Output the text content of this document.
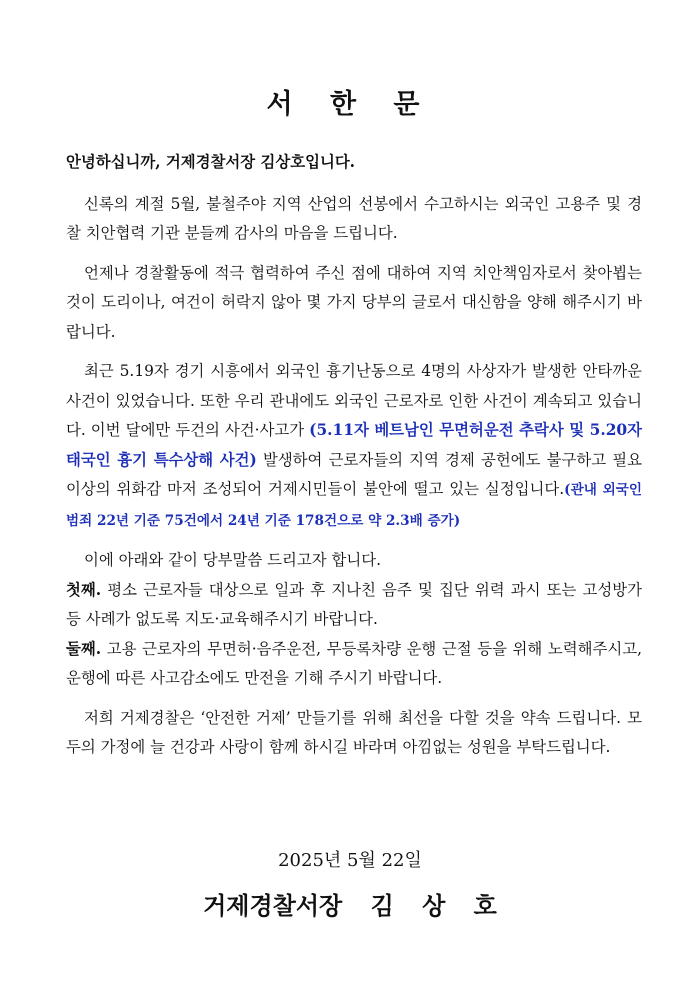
서 한 문

안녕하십니까, 거제경찰서장 김상호입니다.

신록의 계절 5월, 불철주야 지역 산업의 선봉에서 수고하시는 외국인 고용주 및 경찰 치안협력 기관 분들께 감사의 마음을 드립니다.

언제나 경찰활동에 적극 협력하여 주신 점에 대하여 지역 치안책임자로서 찾아뵙는 것이 도리이나, 여건이 허락지 않아 몇 가지 당부의 글로서 대신함을 양해 해주시기 바랍니다.

최근 5.19자 경기 시흥에서 외국인 흉기난동으로 4명의 사상자가 발생한 안타까운 사건이 있었습니다. 또한 우리 관내에도 외국인 근로자로 인한 사건이 계속되고 있습니다. 이번 달에만 두건의 사건·사고가 (5.11자 베트남인 무면허운전 추락사 및 5.20자 태국인 흉기 특수상해 사건) 발생하여 근로자들의 지역 경제 공헌에도 불구하고 필요 이상의 위화감 마저 조성되어 거제시민들이 불안에 떨고 있는 실정입니다.(관내 외국인 범죄 22년 기준 75건에서 24년 기준 178건으로 약 2.3배 증가)

이에 아래와 같이 당부말씀 드리고자 합니다.

첫째. 평소 근로자들 대상으로 일과 후 지나친 음주 및 집단 위력 과시 또는 고성방가 등 사례가 없도록 지도·교육해주시기 바랍니다.

둘째. 고용 근로자의 무면허·음주운전, 무등록차량 운행 근절 등을 위해 노력해주시고, 운행에 따른 사고감소에도 만전을 기해 주시기 바랍니다.

저희 거제경찰은 ‘안전한 거제’ 만들기를 위해 최선을 다할 것을 약속 드립니다. 모두의 가정에 늘 건강과 사랑이 함께 하시길 바라며 아낌없는 성원을 부탁드립니다.

2025년 5월 22일
거제경찰서장 김 상 호
